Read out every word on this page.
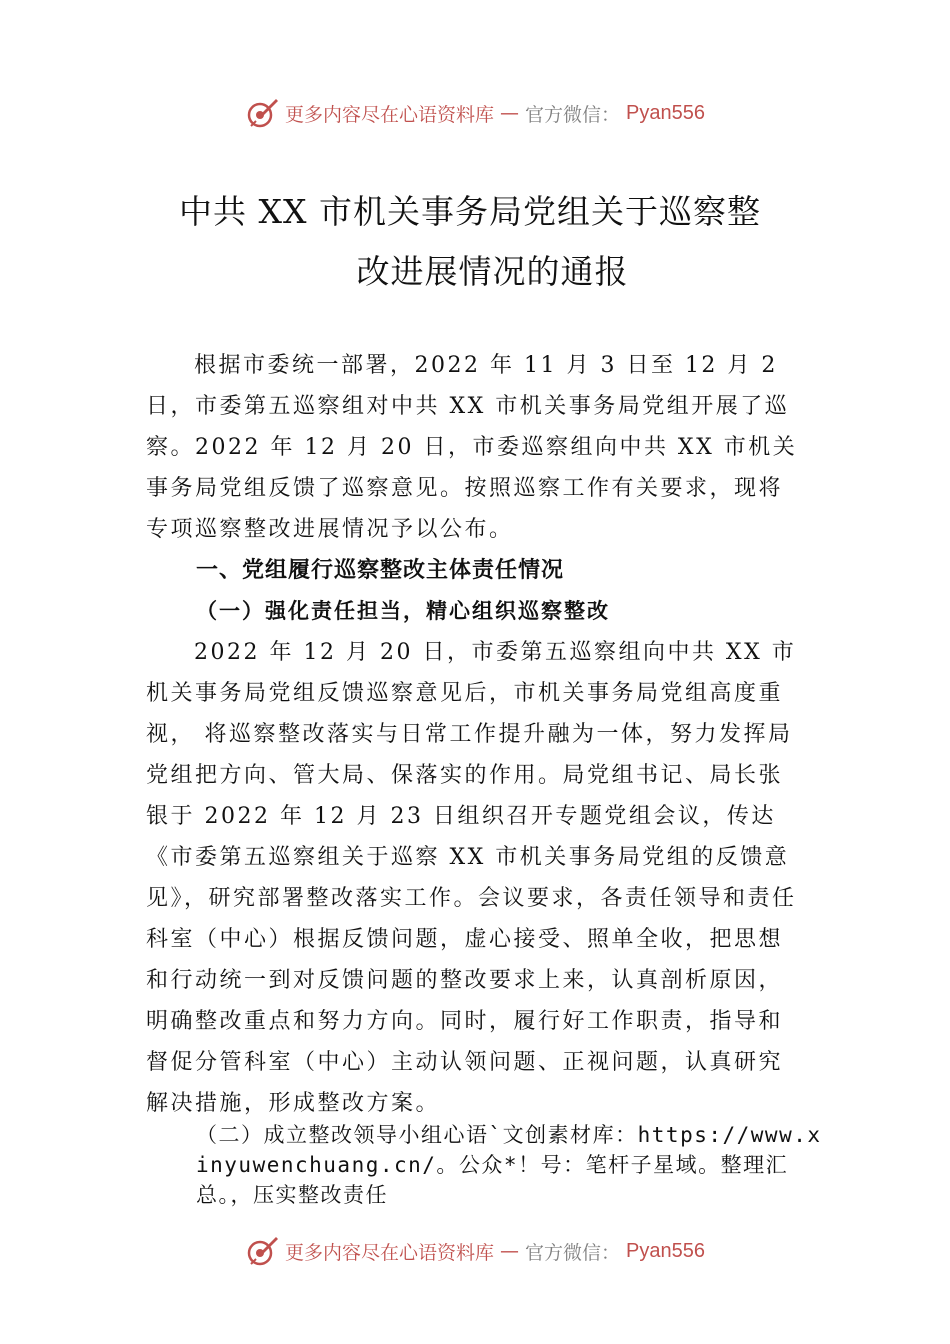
更多内容尽在心语资料库 — 官方微信： Pyan556
中共 XX 市机关事务局党组关于巡察整
改进展情况的通报

根据市委统一部署，2022 年 11 月 3 日至 12 月 2 日，市委第五巡察组对中共 XX 市机关事务局党组开展了巡察。2022 年 12 月 20 日，市委巡察组向中共 XX 市机关事务局党组反馈了巡察意见。按照巡察工作有关要求，现将专项巡察整改进展情况予以公布。

一、党组履行巡察整改主体责任情况

（一）强化责任担当，精心组织巡察整改

2022 年 12 月 20 日，市委第五巡察组向中共 XX 市机关事务局党组反馈巡察意见后，市机关事务局党组高度重视， 将巡察整改落实与日常工作提升融为一体，努力发挥局党组把方向、管大局、保落实的作用。局党组书记、局长张银于 2022 年 12 月 23 日组织召开专题党组会议，传达《市委第五巡察组关于巡察 XX 市机关事务局党组的反馈意见》，研究部署整改落实工作。会议要求，各责任领导和责任科室（中心）根据反馈问题，虚心接受、照单全收，把思想和行动统一到对反馈问题的整改要求上来，认真剖析原因，明确整改重点和努力方向。同时，履行好工作职责，指导和督促分管科室（中心）主动认领问题、正视问题，认真研究解决措施，形成整改方案。

（二）成立整改领导小组心语`文创素材库：https://www.xinyuwenchuang.cn/。公众*！号：笔杆子星域。整理汇总。，压实整改责任
更多内容尽在心语资料库 — 官方微信： Pyan556
